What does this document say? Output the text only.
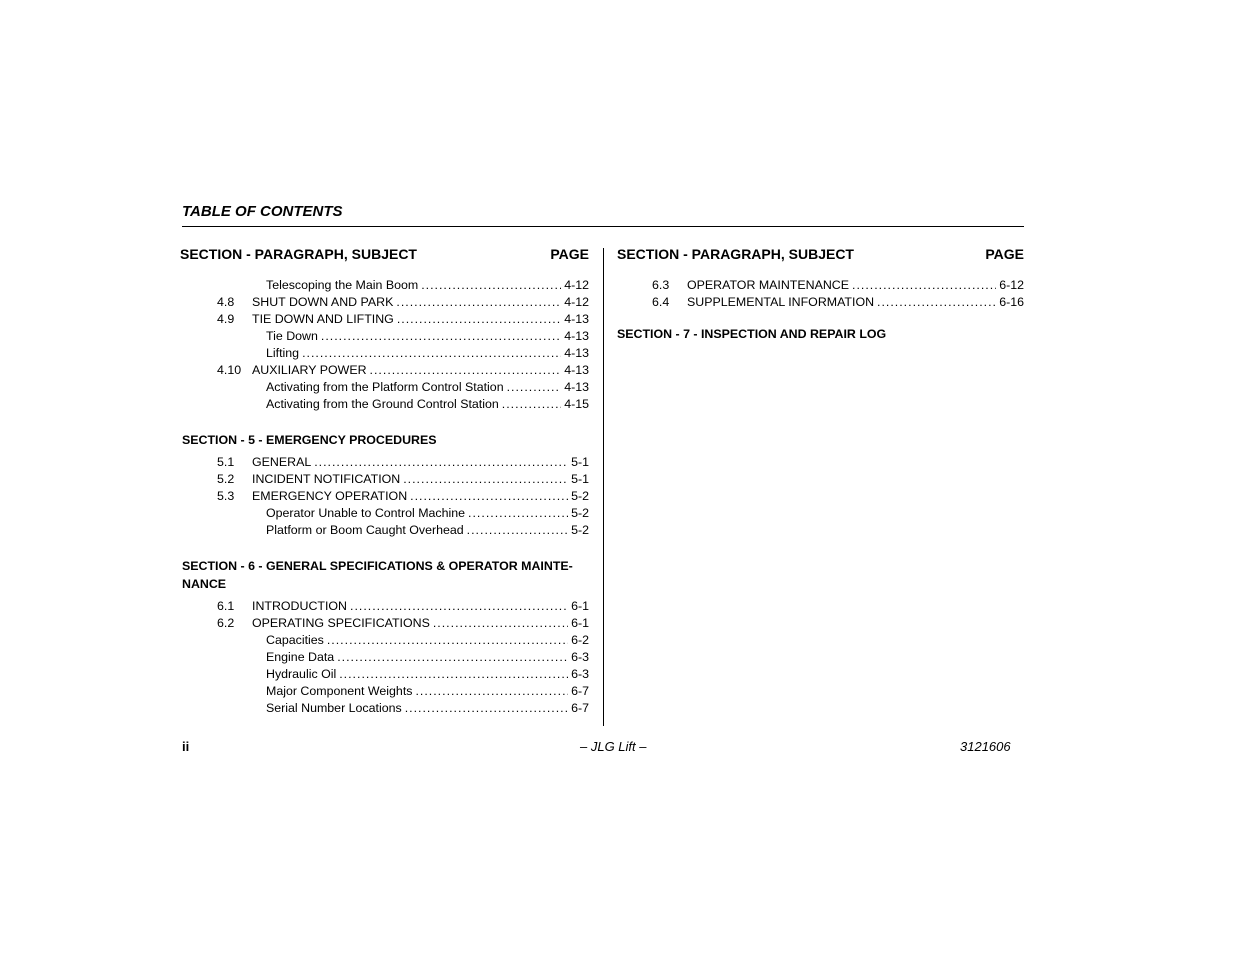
TABLE OF CONTENTS
SECTION - PARAGRAPH, SUBJECT	PAGE
Telescoping the Main Boom .....	4-12
4.8	SHUT DOWN AND PARK .....	4-12
4.9	TIE DOWN AND LIFTING .....	4-13
Tie Down .....	4-13
Lifting .....	4-13
4.10 AUXILIARY POWER .....	4-13
Activating from the Platform Control Station .....	4-13
Activating from the Ground Control Station .....	4-15
SECTION - 5 - EMERGENCY PROCEDURES
5.1	GENERAL .....	5-1
5.2	INCIDENT NOTIFICATION .....	5-1
5.3	EMERGENCY OPERATION .....	5-2
Operator Unable to Control Machine .....	5-2
Platform or Boom Caught Overhead .....	5-2
SECTION - 6 - GENERAL SPECIFICATIONS & OPERATOR MAINTE-NANCE
6.1	INTRODUCTION .....	6-1
6.2	OPERATING SPECIFICATIONS .....	6-1
Capacities .....	6-2
Engine Data .....	6-3
Hydraulic Oil .....	6-3
Major Component Weights .....	6-7
Serial Number Locations .....	6-7
SECTION - PARAGRAPH, SUBJECT	PAGE
6.3	OPERATOR MAINTENANCE .....	6-12
6.4	SUPPLEMENTAL INFORMATION .....	6-16
SECTION - 7 - INSPECTION AND REPAIR LOG
ii	– JLG Lift –	3121606
